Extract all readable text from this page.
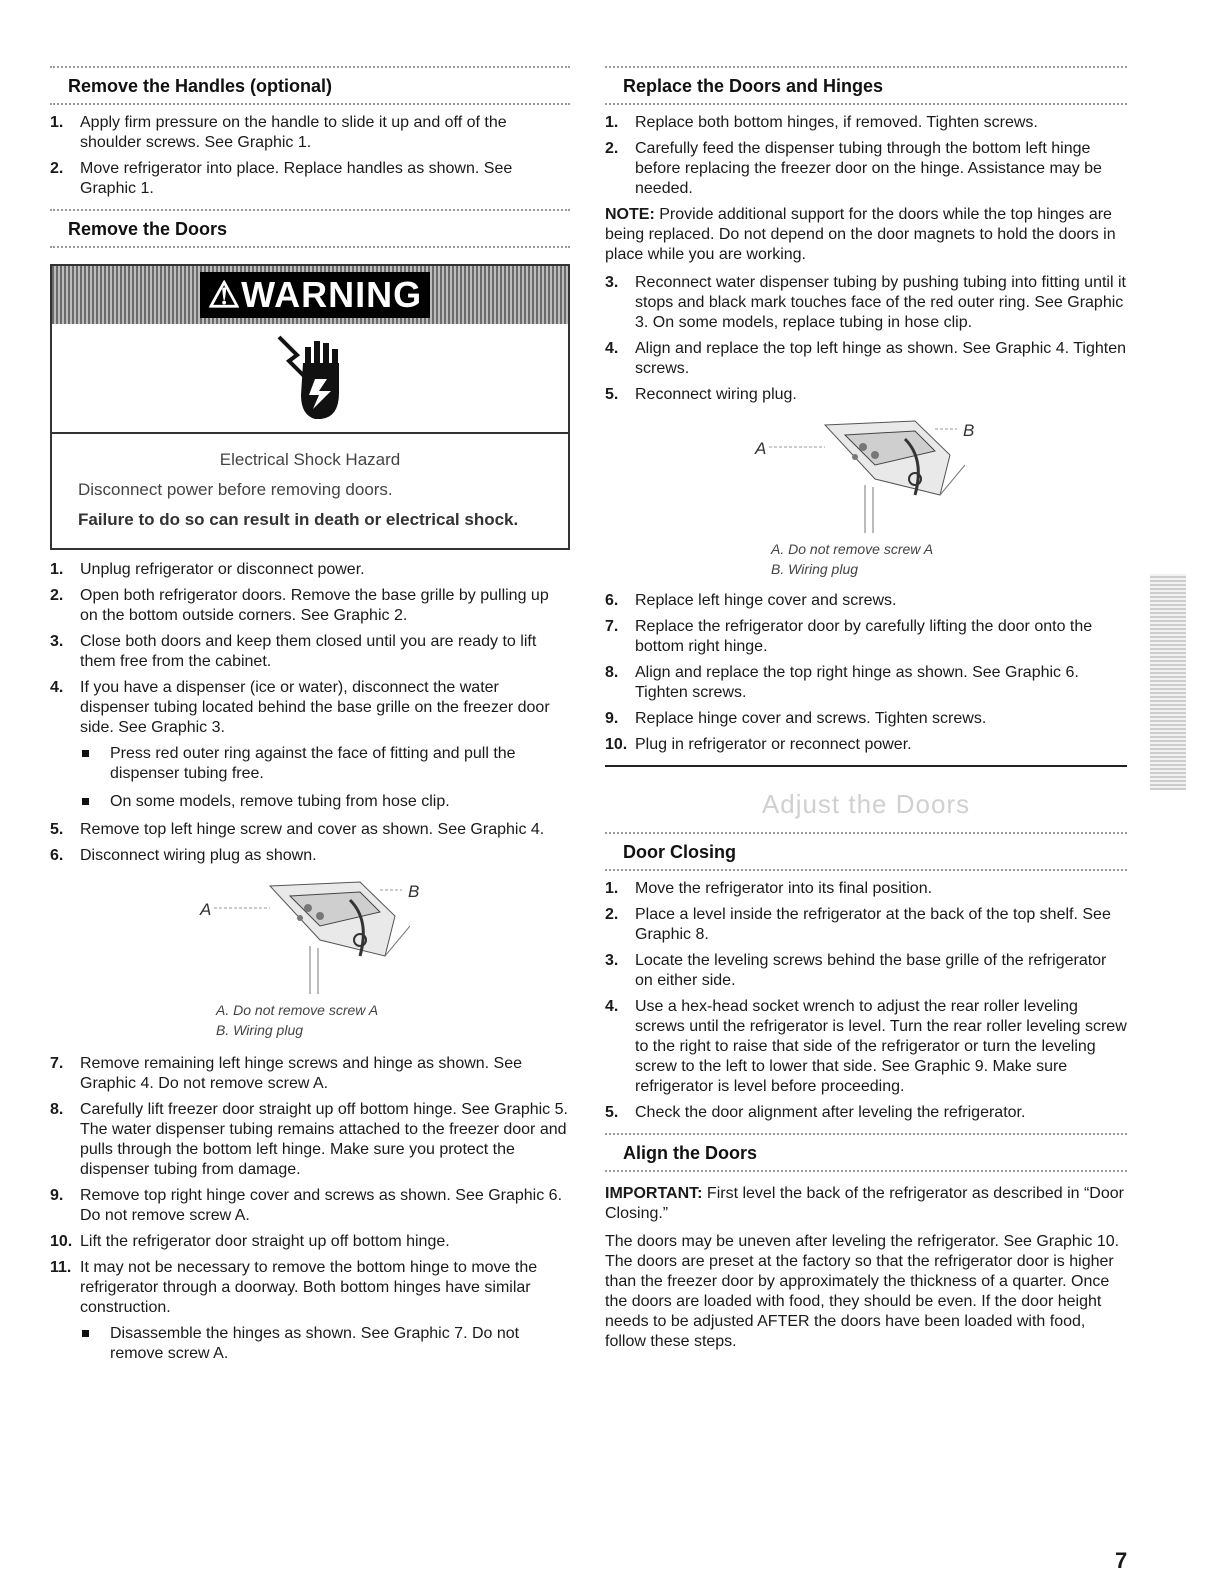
Remove the Handles (optional)
1. Apply firm pressure on the handle to slide it up and off of the shoulder screws. See Graphic 1.
2. Move refrigerator into place. Replace handles as shown. See Graphic 1.
Remove the Doors
⚠WARNING
Electrical Shock Hazard
Disconnect power before removing doors.
Failure to do so can result in death or electrical shock.
1. Unplug refrigerator or disconnect power.
2. Open both refrigerator doors. Remove the base grille by pulling up on the bottom outside corners. See Graphic 2.
3. Close both doors and keep them closed until you are ready to lift them free from the cabinet.
4. If you have a dispenser (ice or water), disconnect the water dispenser tubing located behind the base grille on the freezer door side. See Graphic 3.
Press red outer ring against the face of fitting and pull the dispenser tubing free.
On some models, remove tubing from hose clip.
5. Remove top left hinge screw and cover as shown. See Graphic 4.
6. Disconnect wiring plug as shown.
A
B
A. Do not remove screw A
B. Wiring plug
7. Remove remaining left hinge screws and hinge as shown. See Graphic 4. Do not remove screw A.
8. Carefully lift freezer door straight up off bottom hinge. See Graphic 5. The water dispenser tubing remains attached to the freezer door and pulls through the bottom left hinge. Make sure you protect the dispenser tubing from damage.
9. Remove top right hinge cover and screws as shown. See Graphic 6. Do not remove screw A.
10. Lift the refrigerator door straight up off bottom hinge.
11. It may not be necessary to remove the bottom hinge to move the refrigerator through a doorway. Both bottom hinges have similar construction.
Disassemble the hinges as shown. See Graphic 7. Do not remove screw A.
Replace the Doors and Hinges
1. Replace both bottom hinges, if removed. Tighten screws.
2. Carefully feed the dispenser tubing through the bottom left hinge before replacing the freezer door on the hinge. Assistance may be needed.
NOTE: Provide additional support for the doors while the top hinges are being replaced. Do not depend on the door magnets to hold the doors in place while you are working.
3. Reconnect water dispenser tubing by pushing tubing into fitting until it stops and black mark touches face of the red outer ring. See Graphic 3. On some models, replace tubing in hose clip.
4. Align and replace the top left hinge as shown. See Graphic 4. Tighten screws.
5. Reconnect wiring plug.
A
B
A. Do not remove screw A
B. Wiring plug
6. Replace left hinge cover and screws.
7. Replace the refrigerator door by carefully lifting the door onto the bottom right hinge.
8. Align and replace the top right hinge as shown. See Graphic 6. Tighten screws.
9. Replace hinge cover and screws. Tighten screws.
10. Plug in refrigerator or reconnect power.
Adjust the Doors
Door Closing
1. Move the refrigerator into its final position.
2. Place a level inside the refrigerator at the back of the top shelf. See Graphic 8.
3. Locate the leveling screws behind the base grille of the refrigerator on either side.
4. Use a hex-head socket wrench to adjust the rear roller leveling screws until the refrigerator is level. Turn the rear roller leveling screw to the right to raise that side of the refrigerator or turn the leveling screw to the left to lower that side. See Graphic 9. Make sure refrigerator is level before proceeding.
5. Check the door alignment after leveling the refrigerator.
Align the Doors
IMPORTANT: First level the back of the refrigerator as described in “Door Closing.”
The doors may be uneven after leveling the refrigerator. See Graphic 10. The doors are preset at the factory so that the refrigerator door is higher than the freezer door by approximately the thickness of a quarter. Once the doors are loaded with food, they should be even. If the door height needs to be adjusted AFTER the doors have been loaded with food, follow these steps.
7
